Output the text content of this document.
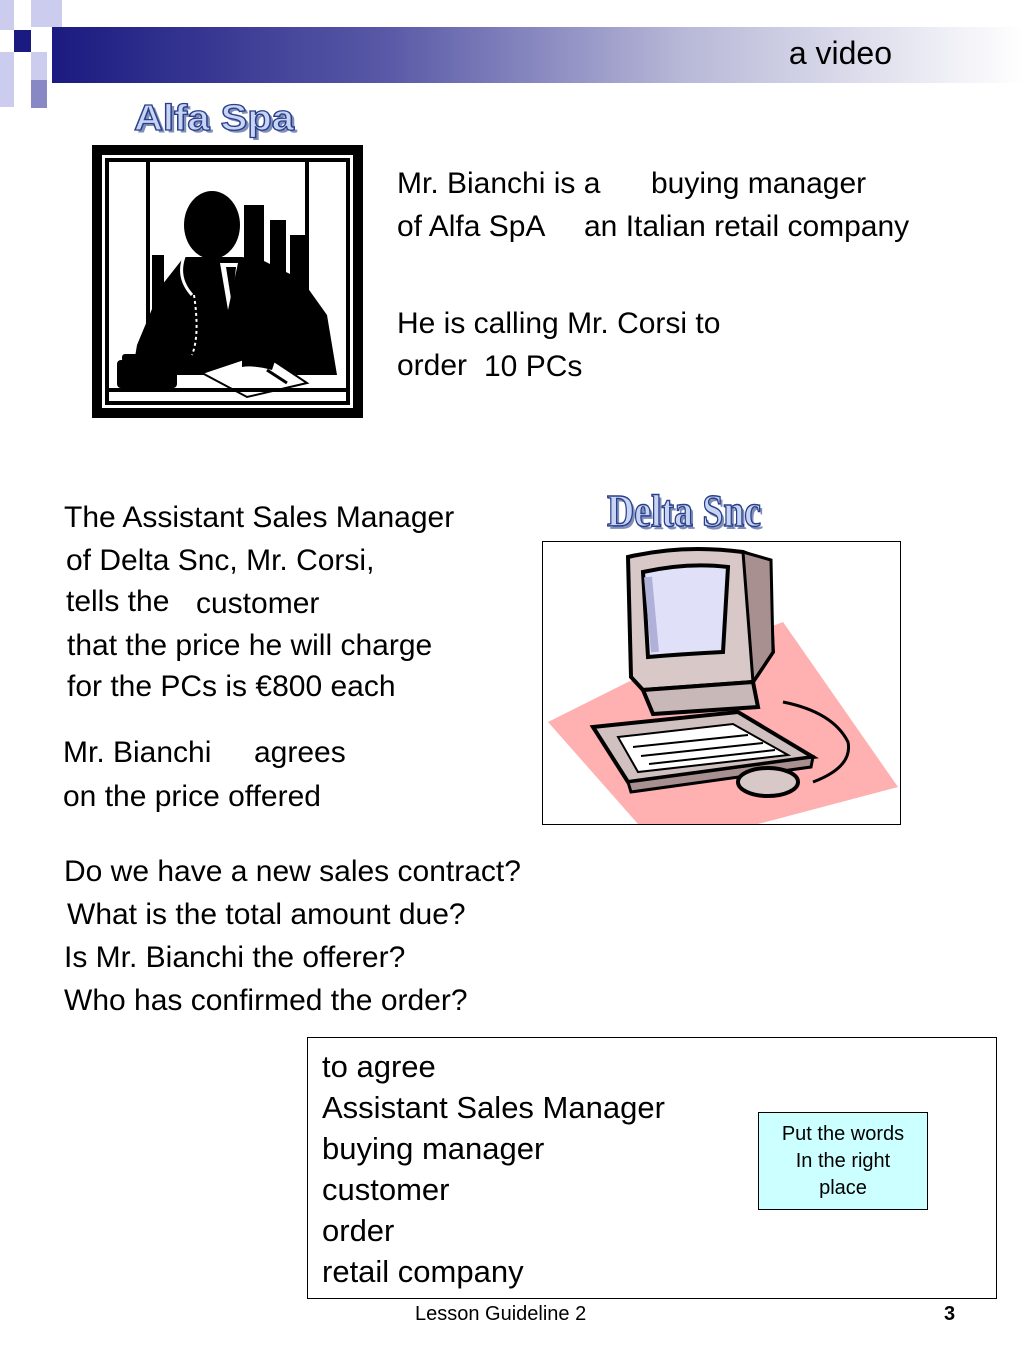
a video
Alfa Spa
Mr. Bianchi is a buying manager
of Alfa SpA an Italian retail company
He is calling Mr. Corsi to
order 10 PCs
Delta Snc
The Assistant Sales Manager
of Delta Snc, Mr. Corsi,
tells the customer
that the price he will charge
for the PCs is €800 each
Mr. Bianchi agrees
on the price offered
Do we have a new sales contract?
What is the total amount due?
Is Mr. Bianchi the offerer?
Who has confirmed the order?
to agree
Assistant Sales Manager
buying manager
customer
order
retail company
Put the words
In the right
place
Lesson Guideline 2	3
